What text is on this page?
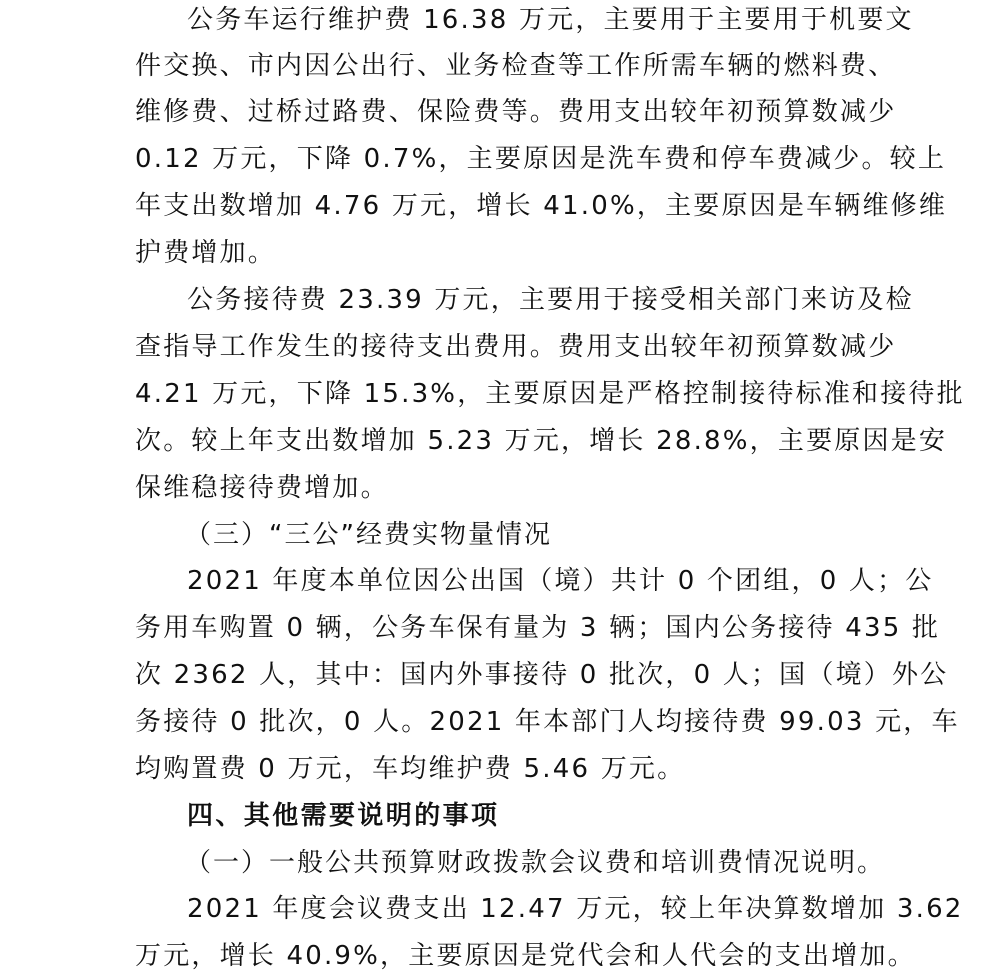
公务车运行维护费 16.38 万元，主要用于主要用于机要文
件交换、市内因公出行、业务检查等工作所需车辆的燃料费、
维修费、过桥过路费、保险费等。费用支出较年初预算数减少
0.12 万元，下降 0.7%，主要原因是洗车费和停车费减少。较上
年支出数增加 4.76 万元，增长 41.0%，主要原因是车辆维修维
护费增加。
公务接待费 23.39 万元，主要用于接受相关部门来访及检
查指导工作发生的接待支出费用。费用支出较年初预算数减少
4.21 万元，下降 15.3%，主要原因是严格控制接待标准和接待批
次。较上年支出数增加 5.23 万元，增长 28.8%，主要原因是安
保维稳接待费增加。
（三）“三公”经费实物量情况
2021 年度本单位因公出国（境）共计 0 个团组，0 人；公
务用车购置 0 辆，公务车保有量为 3 辆；国内公务接待 435 批
次 2362 人，其中：国内外事接待 0 批次，0 人；国（境）外公
务接待 0 批次，0 人。2021 年本部门人均接待费 99.03 元，车
均购置费 0 万元，车均维护费 5.46 万元。
四、其他需要说明的事项
（一）一般公共预算财政拨款会议费和培训费情况说明。
2021 年度会议费支出 12.47 万元，较上年决算数增加 3.62
万元，增长 40.9%，主要原因是党代会和人代会的支出增加。
